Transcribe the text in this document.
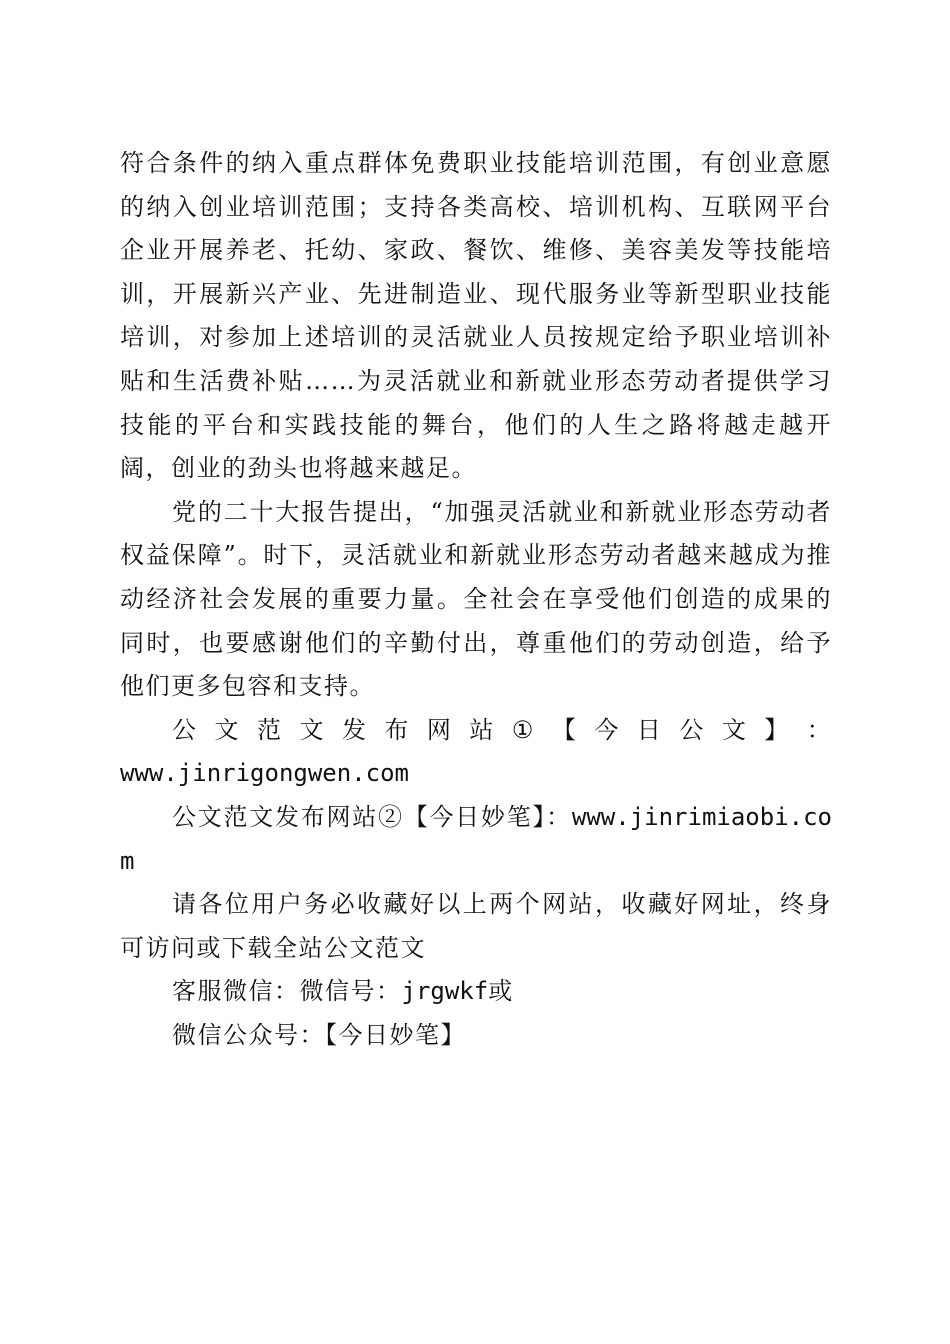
符合条件的纳入重点群体免费职业技能培训范围，有创业意愿的纳入创业培训范围；支持各类高校、培训机构、互联网平台企业开展养老、托幼、家政、餐饮、维修、美容美发等技能培训，开展新兴产业、先进制造业、现代服务业等新型职业技能培训，对参加上述培训的灵活就业人员按规定给予职业培训补贴和生活费补贴……为灵活就业和新就业形态劳动者提供学习技能的平台和实践技能的舞台，他们的人生之路将越走越开阔，创业的劲头也将越来越足。

党的二十大报告提出，“加强灵活就业和新就业形态劳动者权益保障”。时下，灵活就业和新就业形态劳动者越来越成为推动经济社会发展的重要力量。全社会在享受他们创造的成果的同时，也要感谢他们的辛勤付出，尊重他们的劳动创造，给予他们更多包容和支持。

公 文 范 文 发 布 网 站 ① 【 今 日 公 文 】 ：

www.jinrigongwen.com

公文范文发布网站②【今日妙笔】：www.jinrimiaobi.com

请各位用户务必收藏好以上两个网站，收藏好网址，终身可访问或下载全站公文范文

客服微信：微信号：jrgwkf或

微信公众号：【今日妙笔】
